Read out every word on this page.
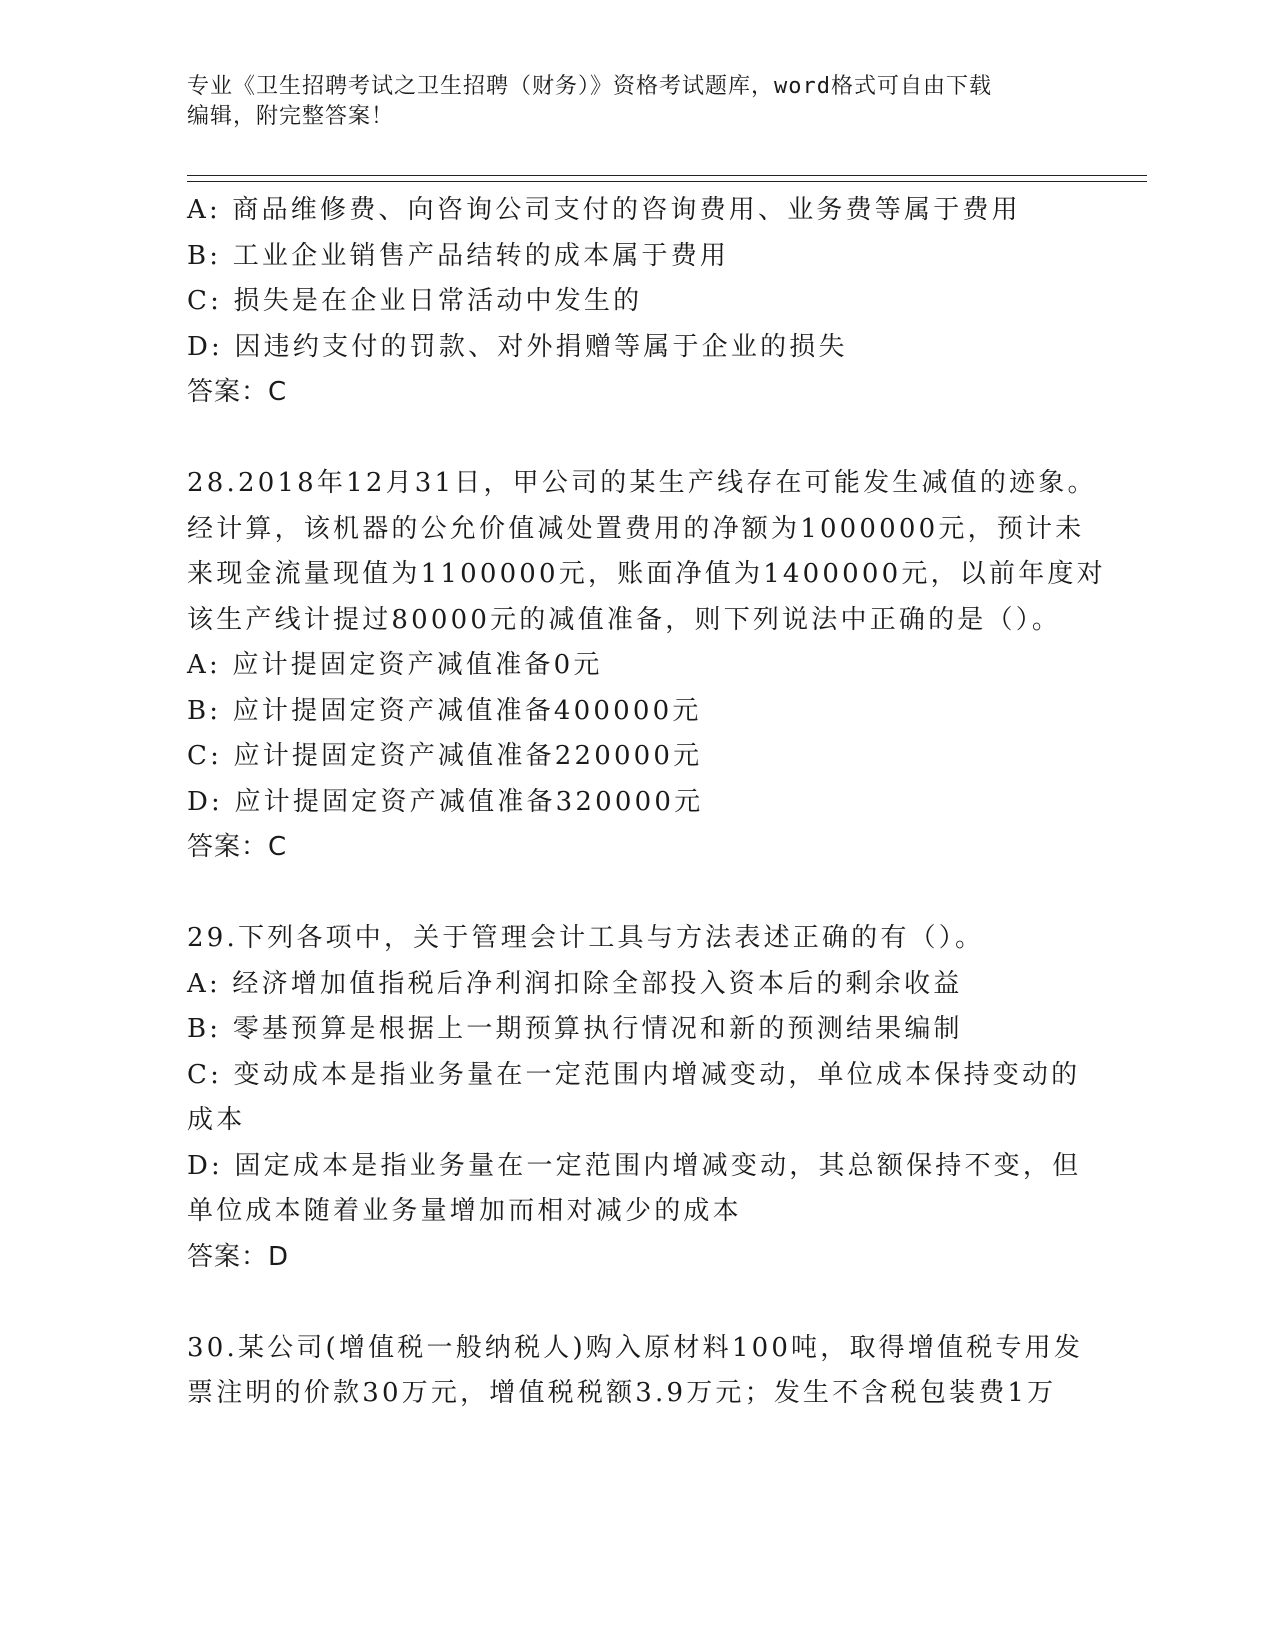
专业《卫生招聘考试之卫生招聘（财务）》资格考试题库，word格式可自由下载
编辑，附完整答案！
A: 商品维修费、向咨询公司支付的咨询费用、业务费等属于费用
B: 工业企业销售产品结转的成本属于费用
C: 损失是在企业日常活动中发生的
D: 因违约支付的罚款、对外捐赠等属于企业的损失
答案：C
28.2018年12月31日，甲公司的某生产线存在可能发生减值的迹象。
经计算，该机器的公允价值减处置费用的净额为1000000元，预计未
来现金流量现值为1100000元，账面净值为1400000元，以前年度对
该生产线计提过80000元的减值准备，则下列说法中正确的是（）。
A: 应计提固定资产减值准备0元
B: 应计提固定资产减值准备400000元
C: 应计提固定资产减值准备220000元
D: 应计提固定资产减值准备320000元
答案：C
29.下列各项中，关于管理会计工具与方法表述正确的有（）。
A: 经济增加值指税后净利润扣除全部投入资本后的剩余收益
B: 零基预算是根据上一期预算执行情况和新的预测结果编制
C: 变动成本是指业务量在一定范围内增减变动，单位成本保持变动的
成本
D: 固定成本是指业务量在一定范围内增减变动，其总额保持不变，但
单位成本随着业务量增加而相对减少的成本
答案：D
30.某公司(增值税一般纳税人)购入原材料100吨，取得增值税专用发
票注明的价款30万元，增值税税额3.9万元；发生不含税包装费1万
